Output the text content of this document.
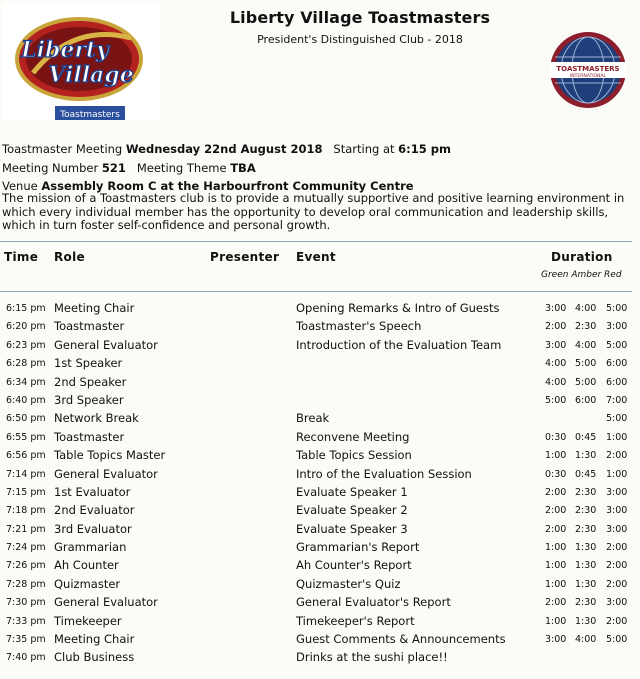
Liberty
Village
Toastmasters
Liberty Village Toastmasters
President's Distinguished Club - 2018
TOASTMASTERS
INTERNATIONAL
Toastmaster Meeting Wednesday 22nd August 2018 Starting at 6:15 pm
Meeting Number 521 Meeting Theme TBA
Venue Assembly Room C at the Harbourfront Community Centre
The mission of a Toastmasters club is to provide a mutually supportive and positive learning environment in which every individual member has the opportunity to develop oral communication and leadership skills, which in turn foster self-confidence and personal growth.
Time Role	Presenter Event	Duration
Green Amber Red
6:15 pm Meeting Chair	Opening Remarks & Intro of Guests	3:00 4:00 5:00
6:20 pm Toastmaster	Toastmaster's Speech	2:00 2:30 3:00
6:23 pm General Evaluator	Introduction of the Evaluation Team	3:00 4:00 5:00
6:28 pm 1st Speaker	4:00 5:00 6:00
6:34 pm 2nd Speaker	4:00 5:00 6:00
6:40 pm 3rd Speaker	5:00 6:00 7:00
6:50 pm Network Break	Break	5:00
6:55 pm Toastmaster	Reconvene Meeting	0:30 0:45 1:00
6:56 pm Table Topics Master	Table Topics Session	1:00 1:30 2:00
7:14 pm General Evaluator	Intro of the Evaluation Session	0:30 0:45 1:00
7:15 pm 1st Evaluator	Evaluate Speaker 1	2:00 2:30 3:00
7:18 pm 2nd Evaluator	Evaluate Speaker 2	2:00 2:30 3:00
7:21 pm 3rd Evaluator	Evaluate Speaker 3	2:00 2:30 3:00
7:24 pm Grammarian	Grammarian's Report	1:00 1:30 2:00
7:26 pm Ah Counter	Ah Counter's Report	1:00 1:30 2:00
7:28 pm Quizmaster	Quizmaster's Quiz	1:00 1:30 2:00
7:30 pm General Evaluator	General Evaluator's Report	2:00 2:30 3:00
7:33 pm Timekeeper	Timekeeper's Report	1:00 1:30 2:00
7:35 pm Meeting Chair	Guest Comments & Announcements	3:00 4:00 5:00
7:40 pm Club Business	Drinks at the sushi place!!
